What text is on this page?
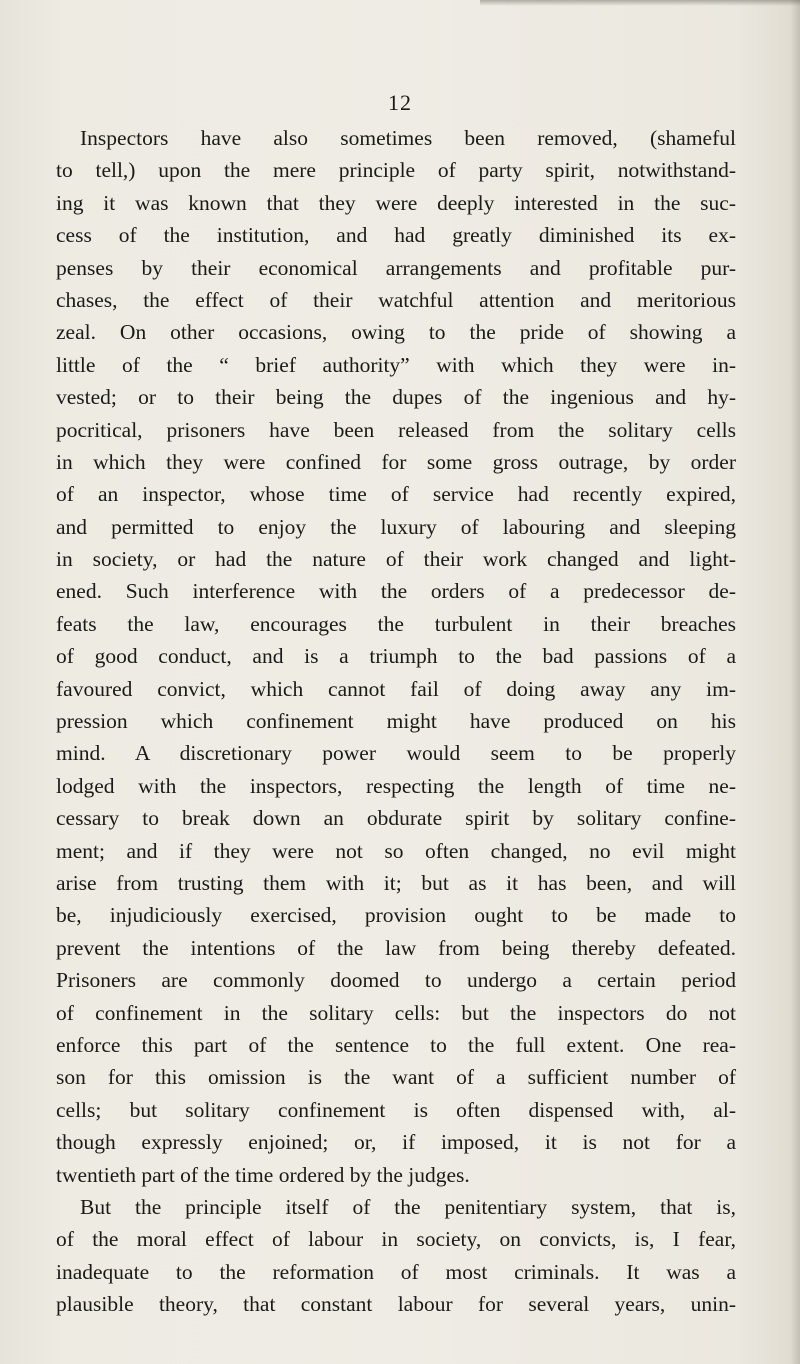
12
Inspectors have also sometimes been removed, (shameful
to tell,) upon the mere principle of party spirit, notwithstand-
ing it was known that they were deeply interested in the suc-
cess of the institution, and had greatly diminished its ex-
penses by their economical arrangements and profitable pur-
chases, the effect of their watchful attention and meritorious
zeal. On other occasions, owing to the pride of showing a
little of the “ brief authority” with which they were in-
vested; or to their being the dupes of the ingenious and hy-
pocritical, prisoners have been released from the solitary cells
in which they were confined for some gross outrage, by order
of an inspector, whose time of service had recently expired,
and permitted to enjoy the luxury of labouring and sleeping
in society, or had the nature of their work changed and light-
ened. Such interference with the orders of a predecessor de-
feats the law, encourages the turbulent in their breaches
of good conduct, and is a triumph to the bad passions of a
favoured convict, which cannot fail of doing away any im-
pression which confinement might have produced on his
mind. A discretionary power would seem to be properly
lodged with the inspectors, respecting the length of time ne-
cessary to break down an obdurate spirit by solitary confine-
ment; and if they were not so often changed, no evil might
arise from trusting them with it; but as it has been, and will
be, injudiciously exercised, provision ought to be made to
prevent the intentions of the law from being thereby defeated.
Prisoners are commonly doomed to undergo a certain period
of confinement in the solitary cells: but the inspectors do not
enforce this part of the sentence to the full extent. One rea-
son for this omission is the want of a sufficient number of
cells; but solitary confinement is often dispensed with, al-
though expressly enjoined; or, if imposed, it is not for a
twentieth part of the time ordered by the judges.
But the principle itself of the penitentiary system, that is,
of the moral effect of labour in society, on convicts, is, I fear,
inadequate to the reformation of most criminals. It was a
plausible theory, that constant labour for several years, unin-
